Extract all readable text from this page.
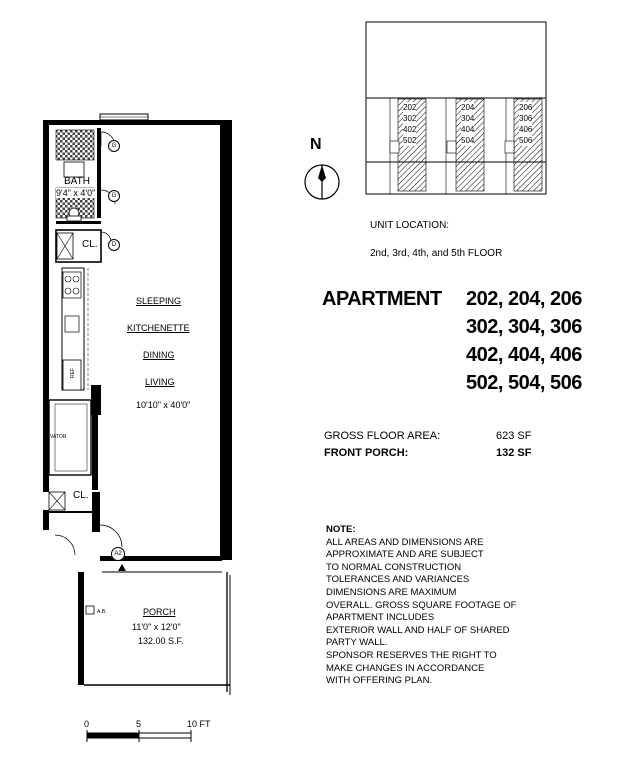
G
G
D
A2
BATH
9'4" x 4'0"
CL.
REF
VATOR
CL.
A.B.
SLEEPING
KITCHENETTE
DINING
LIVING
10'10" x 40'0"
PORCH
11'0" x 12'0"
132.00 S.F.
0	5	10 FT
N
202
302
402
502
204
304
404
504
206
306
406
506
UNIT LOCATION:
2nd, 3rd, 4th, and 5th FLOOR
APARTMENT 202, 204, 206
302, 304, 306
402, 404, 406
502, 504, 506
GROSS FLOOR AREA:	623 SF
FRONT PORCH:	132 SF
NOTE:
ALL AREAS AND DIMENSIONS ARE
APPROXIMATE AND ARE SUBJECT
TO NORMAL CONSTRUCTION
TOLERANCES AND VARIANCES
DIMENSIONS ARE MAXIMUM
OVERALL. GROSS SQUARE FOOTAGE OF
APARTMENT INCLUDES
EXTERIOR WALL AND HALF OF SHARED
PARTY WALL.
SPONSOR RESERVES THE RIGHT TO
MAKE CHANGES IN ACCORDANCE
WITH OFFERING PLAN.
